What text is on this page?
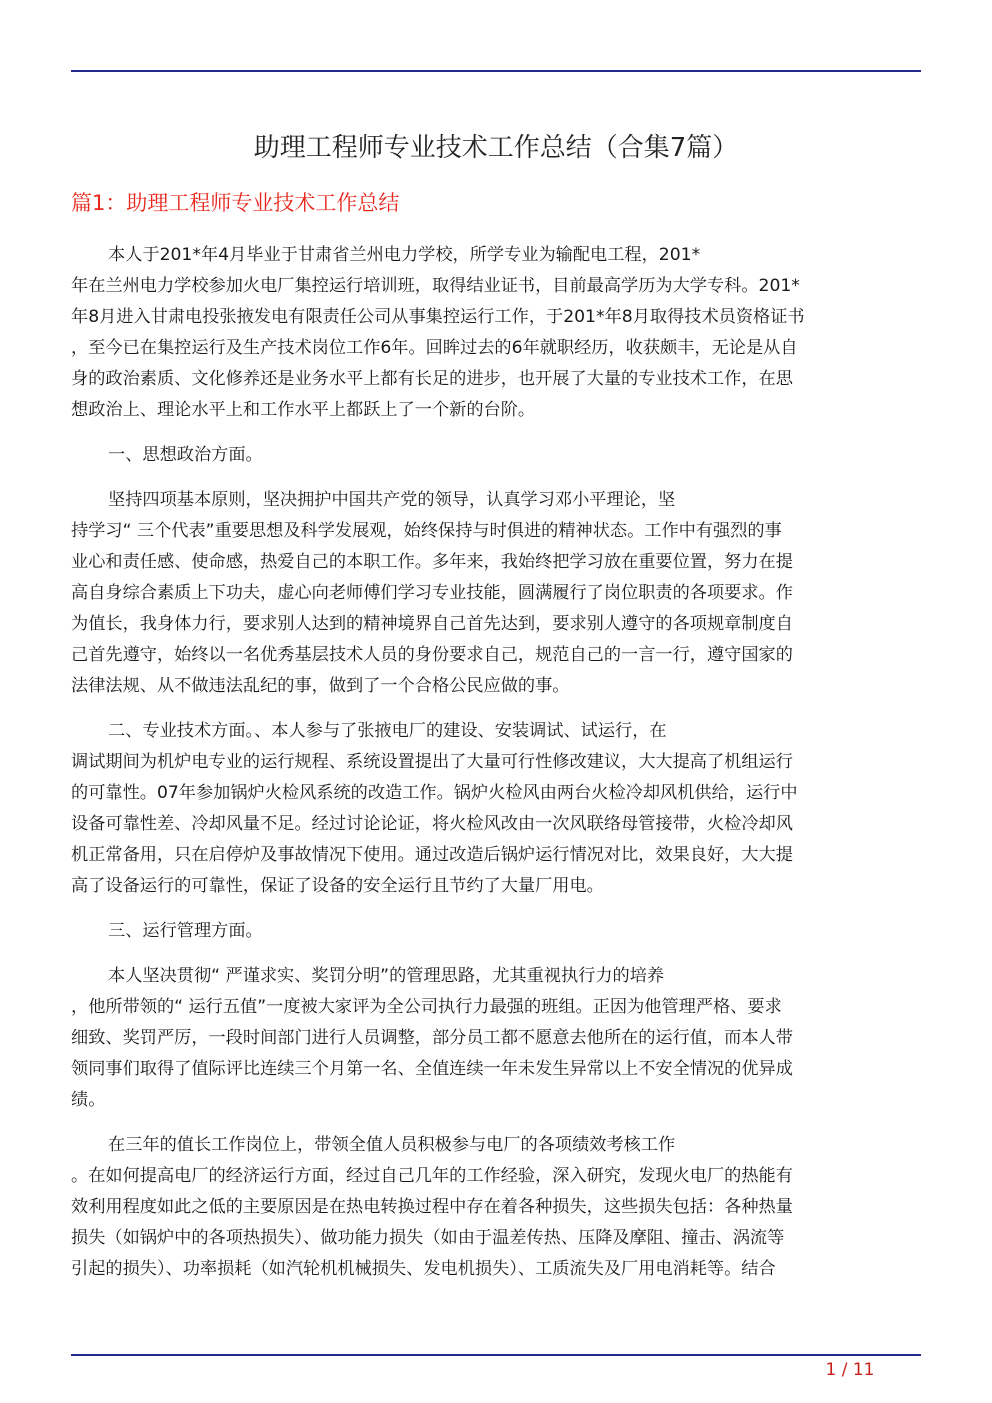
助理工程师专业技术工作总结（合集7篇）
篇1：助理工程师专业技术工作总结

本人于201*年4月毕业于甘肃省兰州电力学校，所学专业为输配电工程，201*
年在兰州电力学校参加火电厂集控运行培训班，取得结业证书，目前最高学历为大学专科。201*
年8月进入甘肃电投张掖发电有限责任公司从事集控运行工作，于201*年8月取得技术员资格证书
，至今已在集控运行及生产技术岗位工作6年。回眸过去的6年就职经历，收获颇丰，无论是从自
身的政治素质、文化修养还是业务水平上都有长足的进步，也开展了大量的专业技术工作，在思
想政治上、理论水平上和工作水平上都跃上了一个新的台阶。

一、思想政治方面。

坚持四项基本原则，坚决拥护中国共产党的领导，认真学习邓小平理论，坚
持学习“ 三个代表”重要思想及科学发展观，始终保持与时俱进的精神状态。工作中有强烈的事
业心和责任感、使命感，热爱自己的本职工作。多年来，我始终把学习放在重要位置，努力在提
高自身综合素质上下功夫，虚心向老师傅们学习专业技能，圆满履行了岗位职责的各项要求。作
为值长，我身体力行，要求别人达到的精神境界自己首先达到，要求别人遵守的各项规章制度自
己首先遵守，始终以一名优秀基层技术人员的身份要求自己，规范自己的一言一行，遵守国家的
法律法规、从不做违法乱纪的事，做到了一个合格公民应做的事。

二、专业技术方面。、本人参与了张掖电厂的建设、安装调试、试运行，在
调试期间为机炉电专业的运行规程、系统设置提出了大量可行性修改建议，大大提高了机组运行
的可靠性。07年参加锅炉火检风系统的改造工作。锅炉火检风由两台火检冷却风机供给，运行中
设备可靠性差、冷却风量不足。经过讨论论证，将火检风改由一次风联络母管接带，火检冷却风
机正常备用，只在启停炉及事故情况下使用。通过改造后锅炉运行情况对比，效果良好，大大提
高了设备运行的可靠性，保证了设备的安全运行且节约了大量厂用电。

三、运行管理方面。

本人坚决贯彻“ 严谨求实、奖罚分明”的管理思路，尤其重视执行力的培养
，他所带领的“ 运行五值”一度被大家评为全公司执行力最强的班组。正因为他管理严格、要求
细致、奖罚严厉，一段时间部门进行人员调整，部分员工都不愿意去他所在的运行值，而本人带
领同事们取得了值际评比连续三个月第一名、全值连续一年未发生异常以上不安全情况的优异成
绩。

在三年的值长工作岗位上，带领全值人员积极参与电厂的各项绩效考核工作
。在如何提高电厂的经济运行方面，经过自己几年的工作经验，深入研究，发现火电厂的热能有
效利用程度如此之低的主要原因是在热电转换过程中存在着各种损失，这些损失包括：各种热量
损失（如锅炉中的各项热损失）、做功能力损失（如由于温差传热、压降及摩阻、撞击、涡流等
引起的损失）、功率损耗（如汽轮机机械损失、发电机损失）、工质流失及厂用电消耗等。结合

1 / 11
